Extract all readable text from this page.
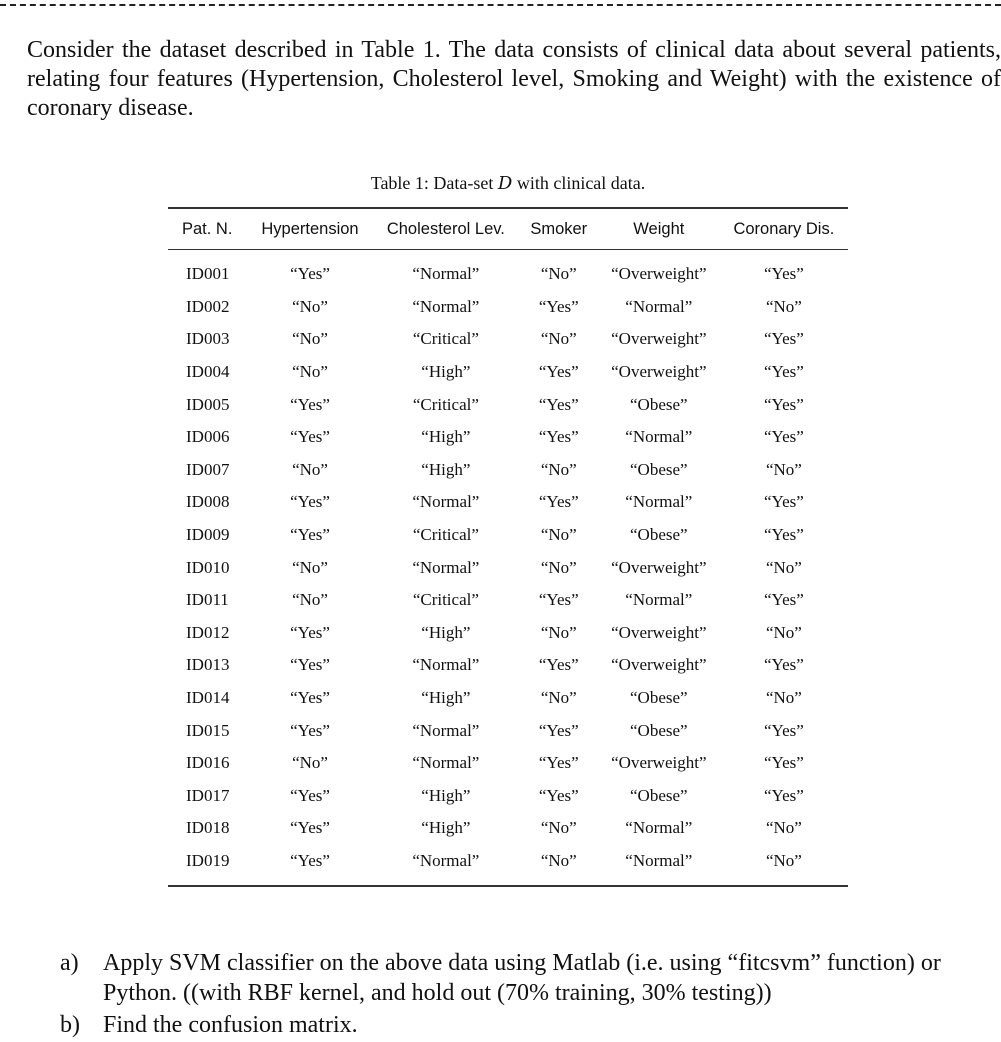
Consider the dataset described in Table 1. The data consists of clinical data about several patients, relating four features (Hypertension, Cholesterol level, Smoking and Weight) with the existence of coronary disease.

Table 1: Data-set D with clinical data.
Pat. N.	Hypertension	Cholesterol Lev.	Smoker	Weight	Coronary Dis.
ID001	“Yes”	“Normal”	“No”	“Overweight”	“Yes”
ID002	“No”	“Normal”	“Yes”	“Normal”	“No”
ID003	“No”	“Critical”	“No”	“Overweight”	“Yes”
ID004	“No”	“High”	“Yes”	“Overweight”	“Yes”
ID005	“Yes”	“Critical”	“Yes”	“Obese”	“Yes”
ID006	“Yes”	“High”	“Yes”	“Normal”	“Yes”
ID007	“No”	“High”	“No”	“Obese”	“No”
ID008	“Yes”	“Normal”	“Yes”	“Normal”	“Yes”
ID009	“Yes”	“Critical”	“No”	“Obese”	“Yes”
ID010	“No”	“Normal”	“No”	“Overweight”	“No”
ID011	“No”	“Critical”	“Yes”	“Normal”	“Yes”
ID012	“Yes”	“High”	“No”	“Overweight”	“No”
ID013	“Yes”	“Normal”	“Yes”	“Overweight”	“Yes”
ID014	“Yes”	“High”	“No”	“Obese”	“No”
ID015	“Yes”	“Normal”	“Yes”	“Obese”	“Yes”
ID016	“No”	“Normal”	“Yes”	“Overweight”	“Yes”
ID017	“Yes”	“High”	“Yes”	“Obese”	“Yes”
ID018	“Yes”	“High”	“No”	“Normal”	“No”
ID019	“Yes”	“Normal”	“No”	“Normal”	“No”
a) Apply SVM classifier on the above data using Matlab (i.e. using “fitcsvm” function) or Python. ((with RBF kernel, and hold out (70% training, 30% testing))
b) Find the confusion matrix.
